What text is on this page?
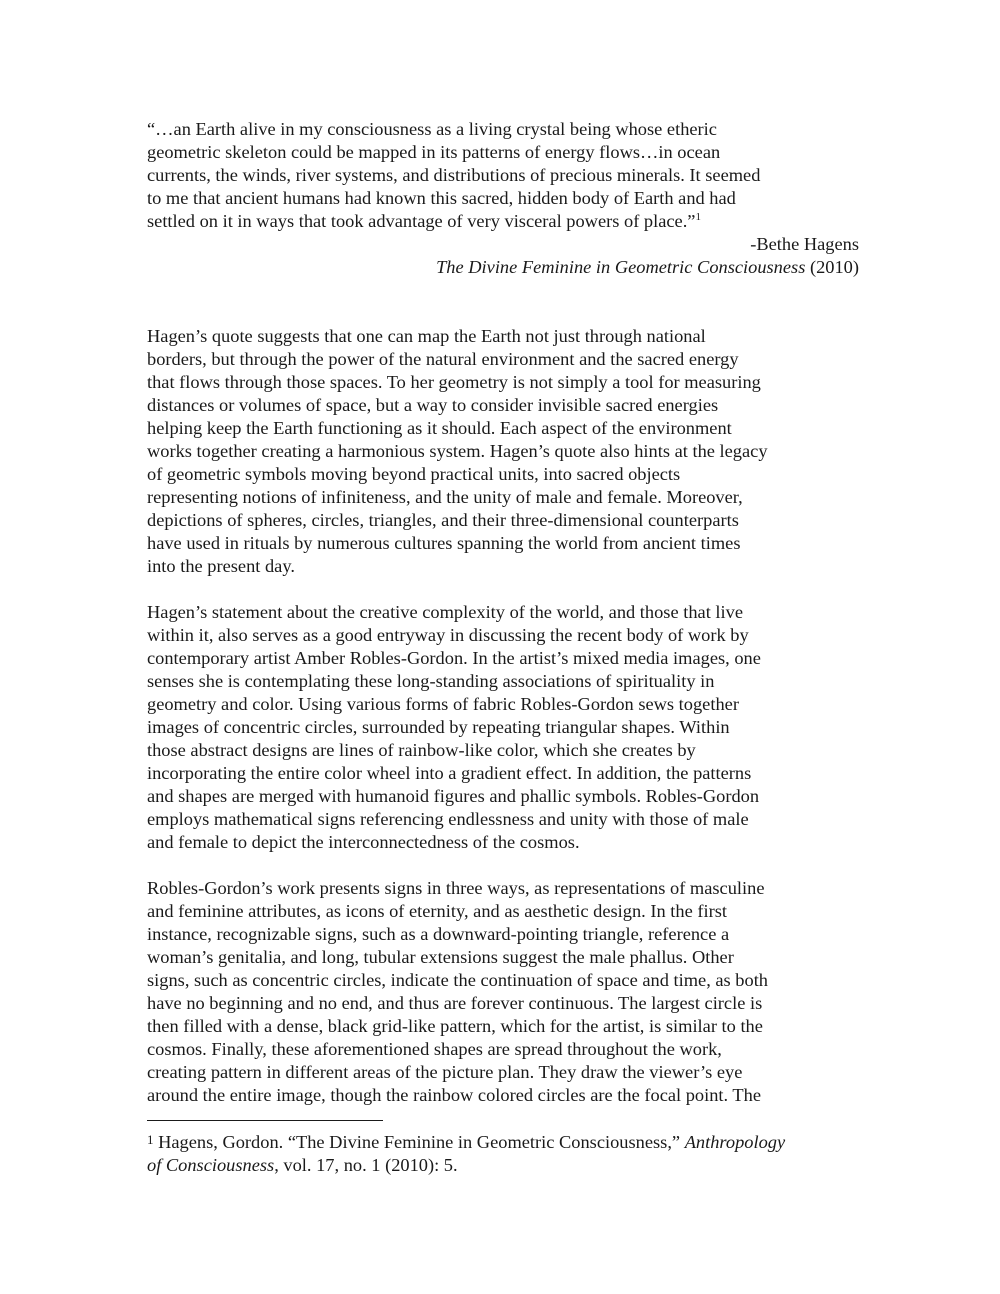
“…an Earth alive in my consciousness as a living crystal being whose etheric
geometric skeleton could be mapped in its patterns of energy flows…in ocean
currents, the winds, river systems, and distributions of precious minerals. It seemed
to me that ancient humans had known this sacred, hidden body of Earth and had
settled on it in ways that took advantage of very visceral powers of place.”$^1$
-Bethe Hagens
The Divine Feminine in Geometric Consciousness (2010)
Hagen’s quote suggests that one can map the Earth not just through national
borders, but through the power of the natural environment and the sacred energy
that flows through those spaces. To her geometry is not simply a tool for measuring
distances or volumes of space, but a way to consider invisible sacred energies
helping keep the Earth functioning as it should. Each aspect of the environment
works together creating a harmonious system. Hagen’s quote also hints at the legacy
of geometric symbols moving beyond practical units, into sacred objects
representing notions of infiniteness, and the unity of male and female. Moreover,
depictions of spheres, circles, triangles, and their three-dimensional counterparts
have used in rituals by numerous cultures spanning the world from ancient times
into the present day.
Hagen’s statement about the creative complexity of the world, and those that live
within it, also serves as a good entryway in discussing the recent body of work by
contemporary artist Amber Robles-Gordon. In the artist’s mixed media images, one
senses she is contemplating these long-standing associations of spirituality in
geometry and color. Using various forms of fabric Robles-Gordon sews together
images of concentric circles, surrounded by repeating triangular shapes. Within
those abstract designs are lines of rainbow-like color, which she creates by
incorporating the entire color wheel into a gradient effect. In addition, the patterns
and shapes are merged with humanoid figures and phallic symbols. Robles-Gordon
employs mathematical signs referencing endlessness and unity with those of male
and female to depict the interconnectedness of the cosmos.
Robles-Gordon’s work presents signs in three ways, as representations of masculine
and feminine attributes, as icons of eternity, and as aesthetic design. In the first
instance, recognizable signs, such as a downward-pointing triangle, reference a
woman’s genitalia, and long, tubular extensions suggest the male phallus. Other
signs, such as concentric circles, indicate the continuation of space and time, as both
have no beginning and no end, and thus are forever continuous. The largest circle is
then filled with a dense, black grid-like pattern, which for the artist, is similar to the
cosmos. Finally, these aforementioned shapes are spread throughout the work,
creating pattern in different areas of the picture plan. They draw the viewer’s eye
around the entire image, though the rainbow colored circles are the focal point. The
$^1$ Hagens, Gordon. “The Divine Feminine in Geometric Consciousness,” Anthropology
of Consciousness, vol. 17, no. 1 (2010): 5.
